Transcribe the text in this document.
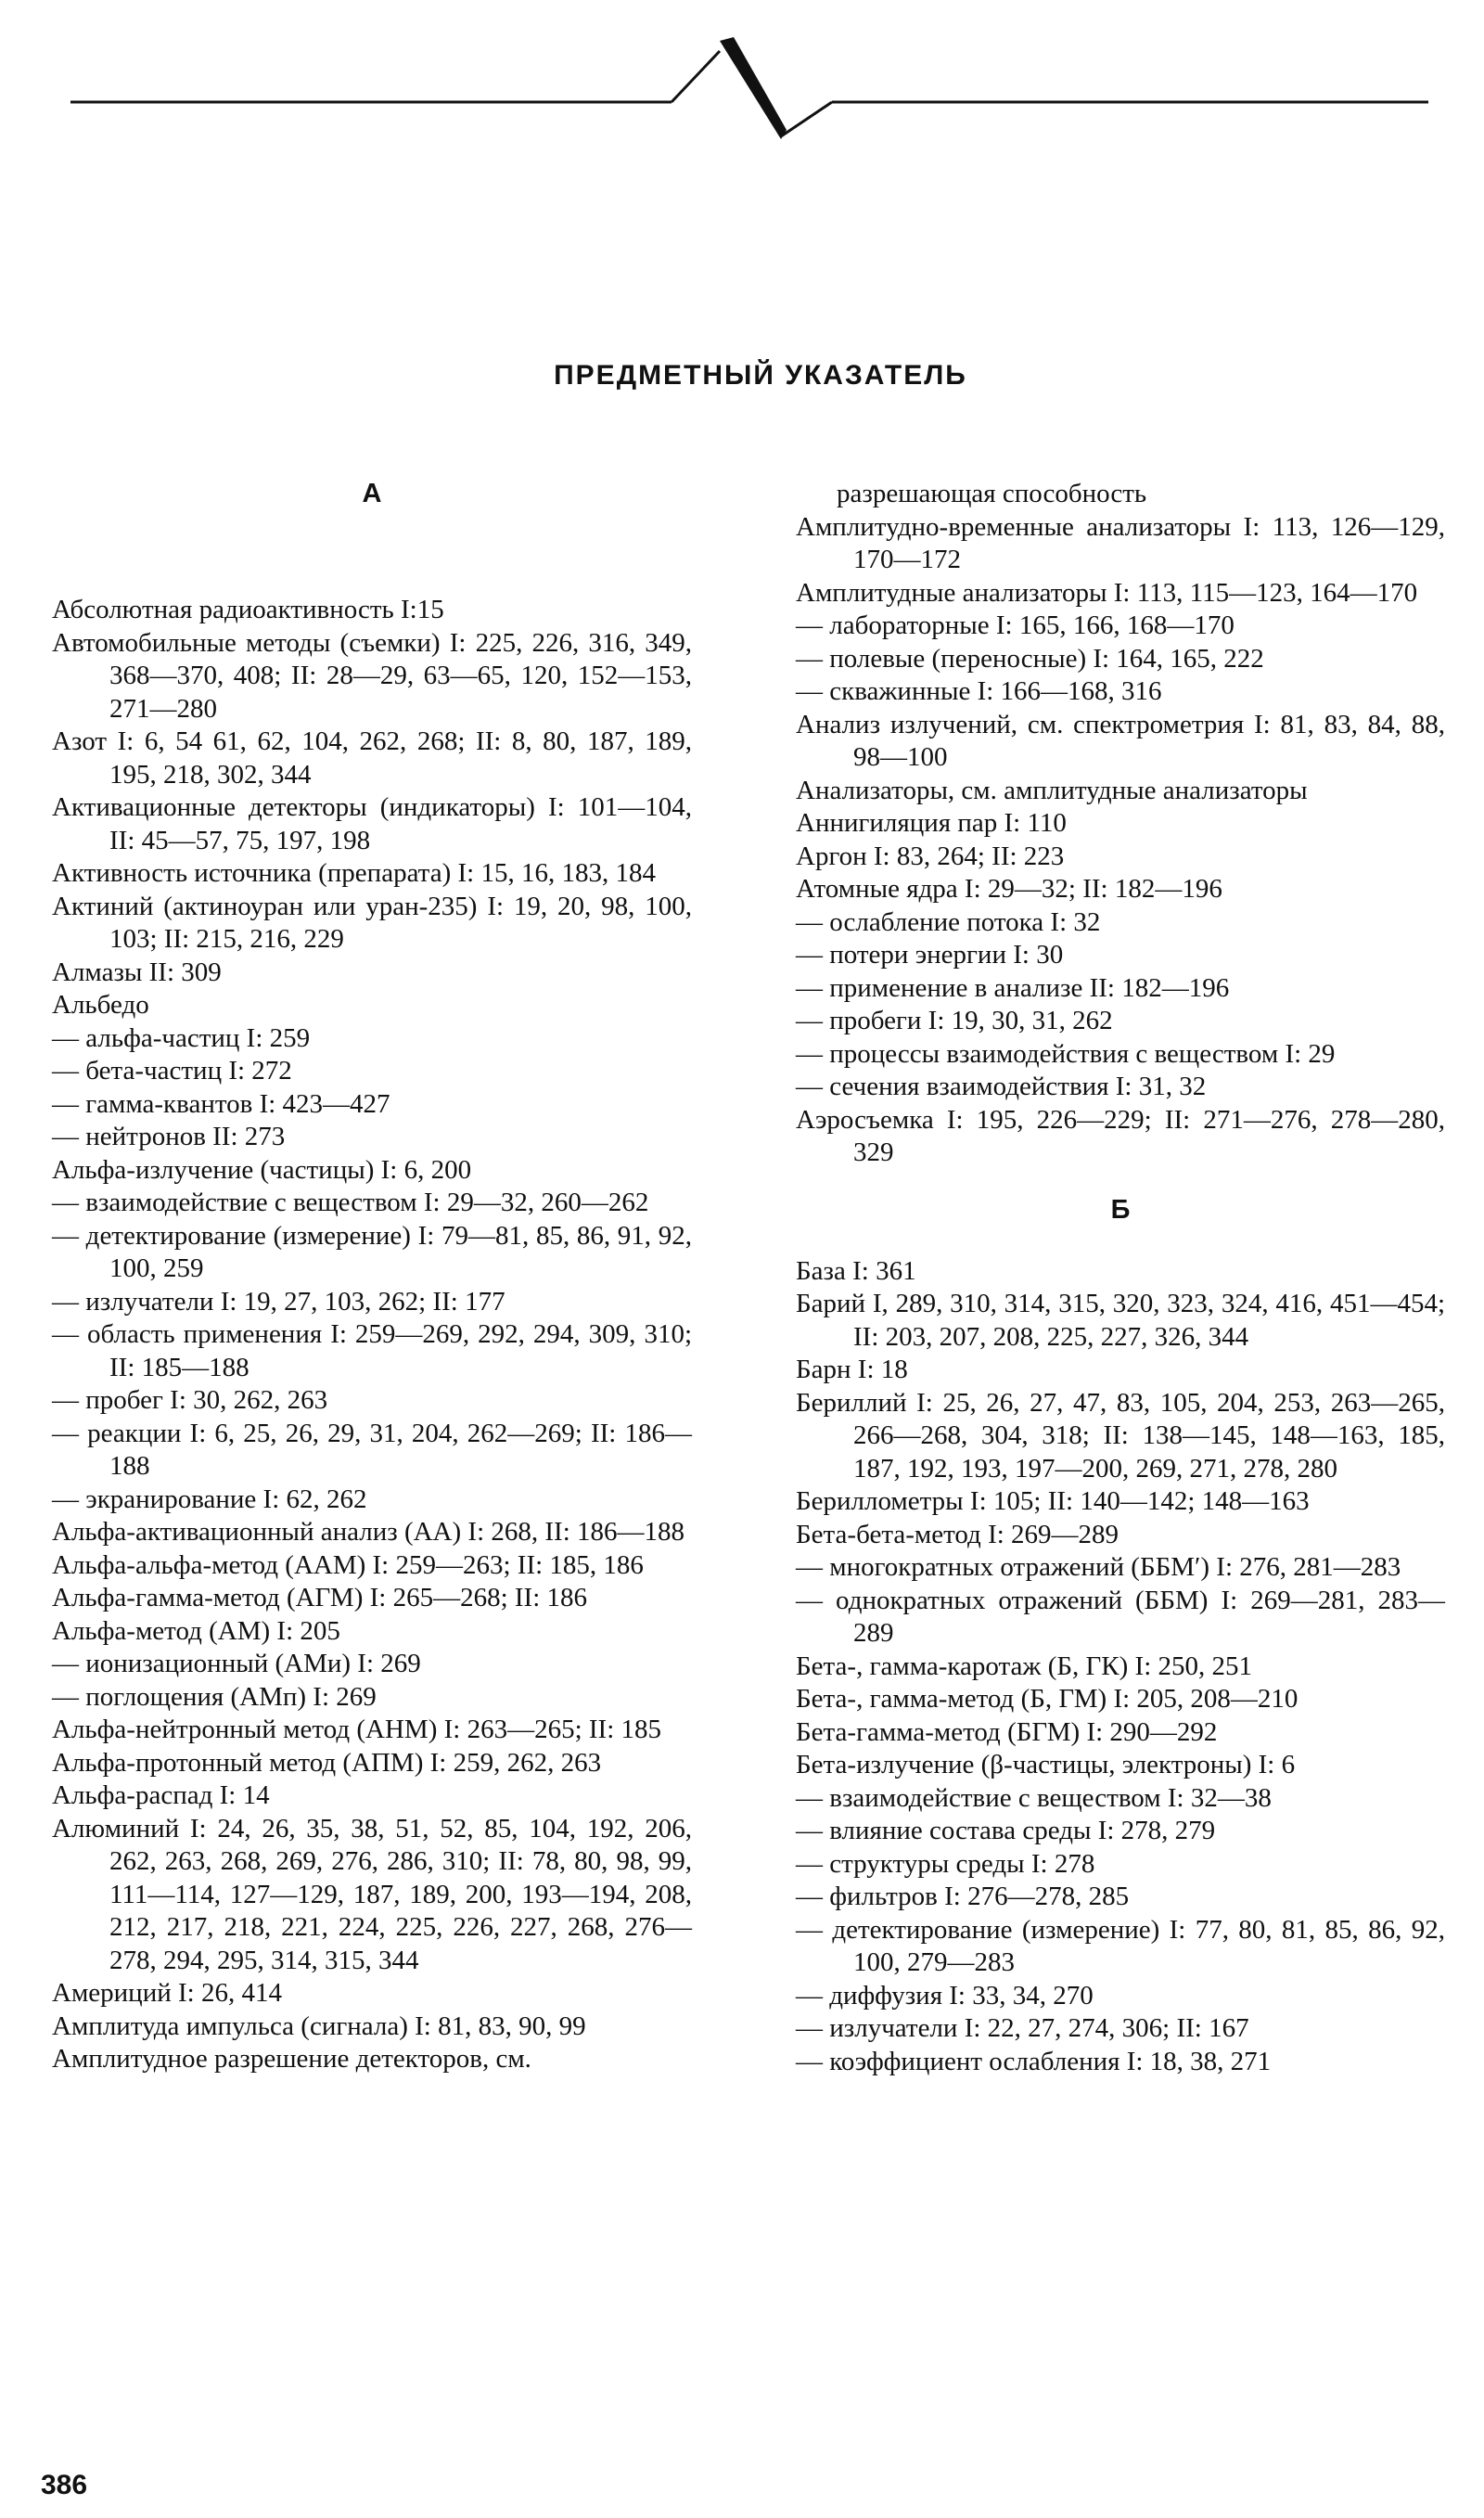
ПРЕДМЕТНЫЙ УКАЗАТЕЛЬ
А
Абсолютная радиоактивность I:15
Автомобильные методы (съемки) I: 225, 226, 316, 349, 368—370, 408; II: 28—29, 63—65, 120, 152—153, 271—280
Азот I: 6, 54 61, 62, 104, 262, 268; II: 8, 80, 187, 189, 195, 218, 302, 344
Активационные детекторы (индикаторы) I: 101—104, II: 45—57, 75, 197, 198
Активность источника (препарата) I: 15, 16, 183, 184
Актиний (актиноуран или уран-235) I: 19, 20, 98, 100, 103; II: 215, 216, 229
Алмазы II: 309
Альбедо
— альфа-частиц I: 259
— бета-частиц I: 272
— гамма-квантов I: 423—427
— нейтронов II: 273
Альфа-излучение (частицы) I: 6, 200
— взаимодействие с веществом I: 29—32, 260—262
— детектирование (измерение) I: 79—81, 85, 86, 91, 92, 100, 259
— излучатели I: 19, 27, 103, 262; II: 177
— область применения I: 259—269, 292, 294, 309, 310; II: 185—188
— пробег I: 30, 262, 263
— реакции I: 6, 25, 26, 29, 31, 204, 262—269; II: 186—188
— экранирование I: 62, 262
Альфа-активационный анализ (АА) I: 268, II: 186—188
Альфа-альфа-метод (ААМ) I: 259—263; II: 185, 186
Альфа-гамма-метод (АГМ) I: 265—268; II: 186
Альфа-метод (АМ) I: 205
— ионизационный (АМи) I: 269
— поглощения (АМп) I: 269
Альфа-нейтронный метод (АНМ) I: 263—265; II: 185
Альфа-протонный метод (АПМ) I: 259, 262, 263
Альфа-распад I: 14
Алюминий I: 24, 26, 35, 38, 51, 52, 85, 104, 192, 206, 262, 263, 268, 269, 276, 286, 310; II: 78, 80, 98, 99, 111—114, 127—129, 187, 189, 200, 193—194, 208, 212, 217, 218, 221, 224, 225, 226, 227, 268, 276—278, 294, 295, 314, 315, 344
Америций I: 26, 414
Амплитуда импульса (сигнала) I: 81, 83, 90, 99
Амплитудное разрешение детекторов, см.
разрешающая способность
Амплитудно-временные анализаторы I: 113, 126—129, 170—172
Амплитудные анализаторы I: 113, 115—123, 164—170
— лабораторные I: 165, 166, 168—170
— полевые (переносные) I: 164, 165, 222
— скважинные I: 166—168, 316
Анализ излучений, см. спектрометрия I: 81, 83, 84, 88, 98—100
Анализаторы, см. амплитудные анализаторы
Аннигиляция пар I: 110
Аргон I: 83, 264; II: 223
Атомные ядра I: 29—32; II: 182—196
— ослабление потока I: 32
— потери энергии I: 30
— применение в анализе II: 182—196
— пробеги I: 19, 30, 31, 262
— процессы взаимодействия с веществом I: 29
— сечения взаимодействия I: 31, 32
Аэросъемка I: 195, 226—229; II: 271—276, 278—280, 329
Б
База I: 361
Барий I, 289, 310, 314, 315, 320, 323, 324, 416, 451—454; II: 203, 207, 208, 225, 227, 326, 344
Барн I: 18
Бериллий I: 25, 26, 27, 47, 83, 105, 204, 253, 263—265, 266—268, 304, 318; II: 138—145, 148—163, 185, 187, 192, 193, 197—200, 269, 271, 278, 280
Бериллометры I: 105; II: 140—142; 148—163
Бета-бета-метод I: 269—289
— многократных отражений (ББМ′) I: 276, 281—283
— однократных отражений (ББМ) I: 269—281, 283—289
Бета-, гамма-каротаж (Б, ГК) I: 250, 251
Бета-, гамма-метод (Б, ГМ) I: 205, 208—210
Бета-гамма-метод (БГМ) I: 290—292
Бета-излучение (β-частицы, электроны) I: 6
— взаимодействие с веществом I: 32—38
— влияние состава среды I: 278, 279
— структуры среды I: 278
— фильтров I: 276—278, 285
— детектирование (измерение) I: 77, 80, 81, 85, 86, 92, 100, 279—283
— диффузия I: 33, 34, 270
— излучатели I: 22, 27, 274, 306; II: 167
— коэффициент ослабления I: 18, 38, 271
386
